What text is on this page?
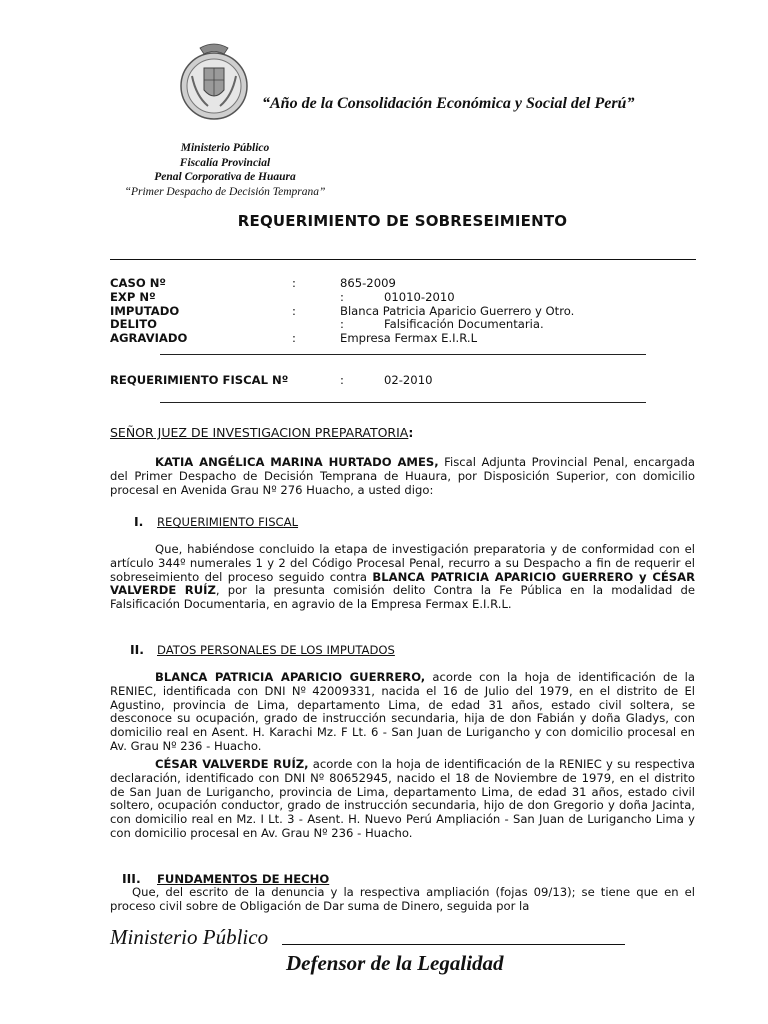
“Año de la Consolidación Económica y Social del Perú”
Ministerio Público
Fiscalía Provincial
Penal Corporativa de Huaura
“Primer Despacho de Decisión Temprana”
REQUERIMIENTO DE SOBRESEIMIENTO
CASO Nº	:	865-2009
EXP Nº	:	01010-2010
IMPUTADO	:	Blanca Patricia Aparicio Guerrero y Otro.
DELITO	:	Falsificación Documentaria.
AGRAVIADO	:	Empresa Fermax E.I.R.L
REQUERIMIENTO FISCAL Nº	:	02-2010
SEÑOR JUEZ DE INVESTIGACION PREPARATORIA:
KATIA ANGÉLICA MARINA HURTADO AMES, Fiscal Adjunta Provincial Penal, encargada del Primer Despacho de Decisión Temprana de Huaura, por Disposición Superior, con domicilio procesal en Avenida Grau Nº 276 Huacho, a usted digo:
I. REQUERIMIENTO FISCAL
Que, habiéndose concluido la etapa de investigación preparatoria y de conformidad con el artículo 344º numerales 1 y 2 del Código Procesal Penal, recurro a su Despacho a fin de requerir el sobreseimiento del proceso seguido contra BLANCA PATRICIA APARICIO GUERRERO y CÉSAR VALVERDE RUÍZ, por la presunta comisión delito Contra la Fe Pública en la modalidad de Falsificación Documentaria, en agravio de la Empresa Fermax E.I.R.L.
II. DATOS PERSONALES DE LOS IMPUTADOS
BLANCA PATRICIA APARICIO GUERRERO, acorde con la hoja de identificación de la RENIEC, identificada con DNI Nº 42009331, nacida el 16 de Julio del 1979, en el distrito de El Agustino, provincia de Lima, departamento Lima, de edad 31 años, estado civil soltera, se desconoce su ocupación, grado de instrucción secundaria, hija de don Fabián y doña Gladys, con domicilio real en Asent. H. Karachi Mz. F Lt. 6 - San Juan de Lurigancho y con domicilio procesal en Av. Grau Nº 236 - Huacho.
CÉSAR VALVERDE RUÍZ, acorde con la hoja de identificación de la RENIEC y su respectiva declaración, identificado con DNI Nº 80652945, nacido el 18 de Noviembre de 1979, en el distrito de San Juan de Lurigancho, provincia de Lima, departamento Lima, de edad 31 años, estado civil soltero, ocupación conductor, grado de instrucción secundaria, hijo de don Gregorio y doña Jacinta, con domicilio real en Mz. I Lt. 3 - Asent. H. Nuevo Perú Ampliación - San Juan de Lurigancho Lima y con domicilio procesal en Av. Grau Nº 236 - Huacho.
III. FUNDAMENTOS DE HECHO
Que, del escrito de la denuncia y la respectiva ampliación (fojas 09/13); se tiene que en el proceso civil sobre de Obligación de Dar suma de Dinero, seguida por la
Ministerio Público
Defensor de la Legalidad
